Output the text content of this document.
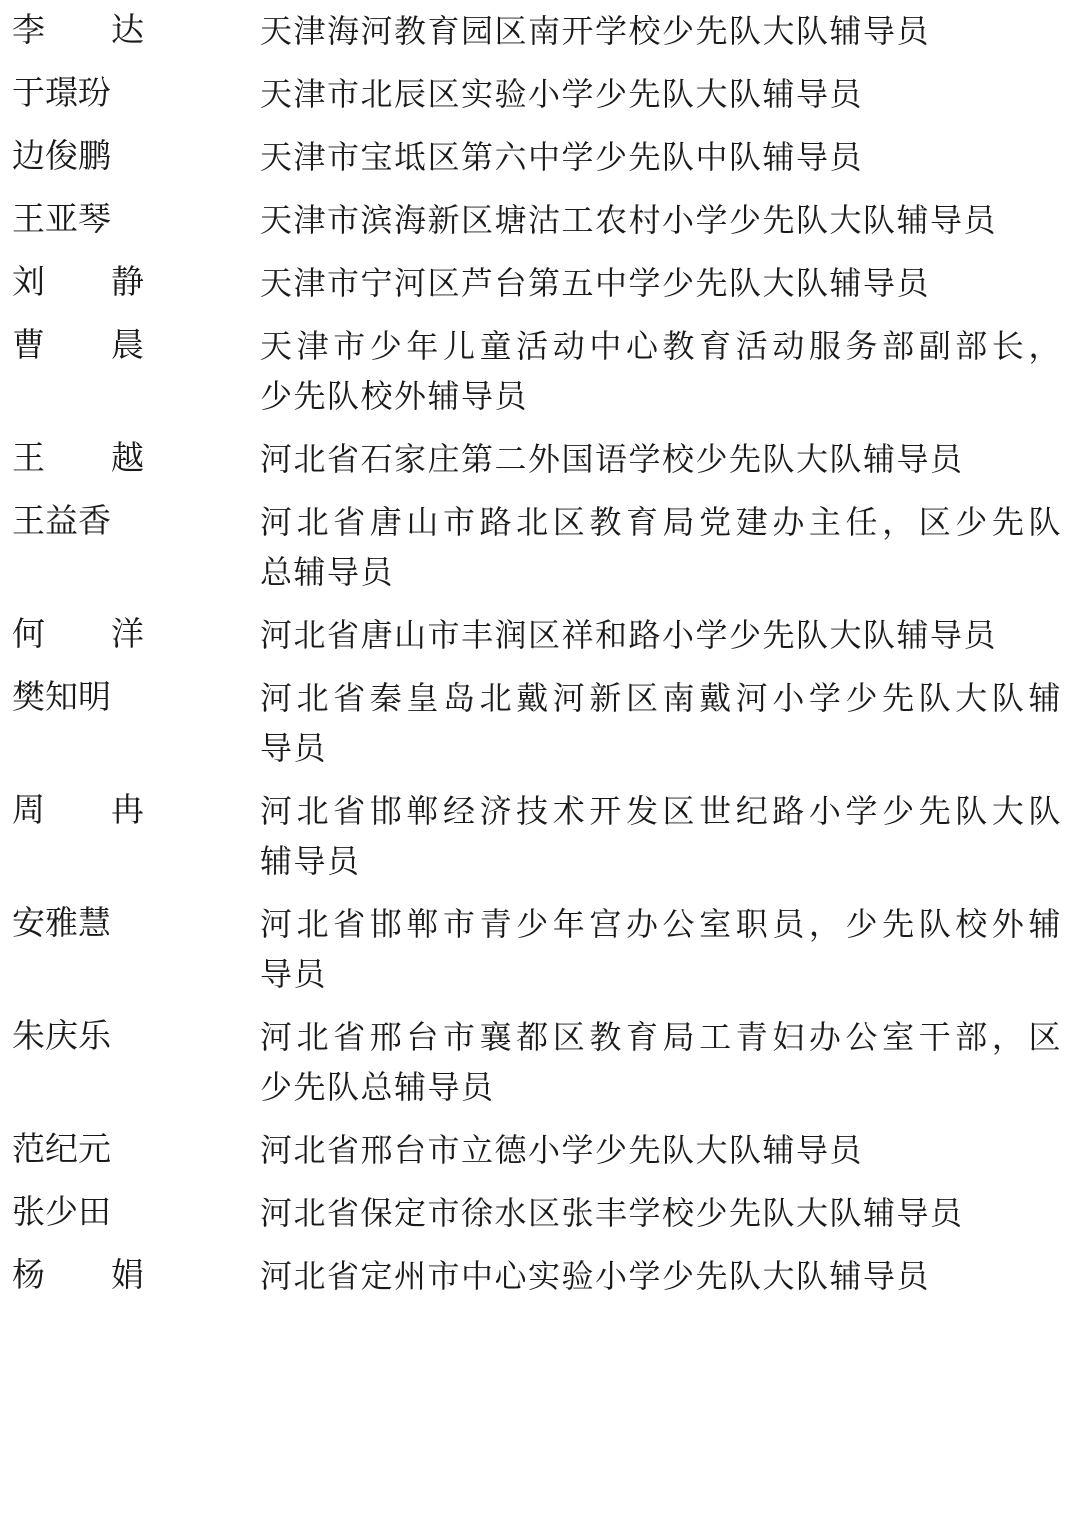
李　　达	天津海河教育园区南开学校少先队大队辅导员
于璟玢	天津市北辰区实验小学少先队大队辅导员
边俊鹏	天津市宝坻区第六中学少先队中队辅导员
王亚琴	天津市滨海新区塘沽工农村小学少先队大队辅导员
刘　　静	天津市宁河区芦台第五中学少先队大队辅导员
曹　　晨	天津市少年儿童活动中心教育活动服务部副部长，
少先队校外辅导员
王　　越	河北省石家庄第二外国语学校少先队大队辅导员
王益香	河北省唐山市路北区教育局党建办主任，区少先队
总辅导员
何　　洋	河北省唐山市丰润区祥和路小学少先队大队辅导员
樊知明	河北省秦皇岛北戴河新区南戴河小学少先队大队辅
导员
周　　冉	河北省邯郸经济技术开发区世纪路小学少先队大队
辅导员
安雅慧	河北省邯郸市青少年宫办公室职员，少先队校外辅
导员
朱庆乐	河北省邢台市襄都区教育局工青妇办公室干部，区
少先队总辅导员
范纪元	河北省邢台市立德小学少先队大队辅导员
张少田	河北省保定市徐水区张丰学校少先队大队辅导员
杨　　娟	河北省定州市中心实验小学少先队大队辅导员
